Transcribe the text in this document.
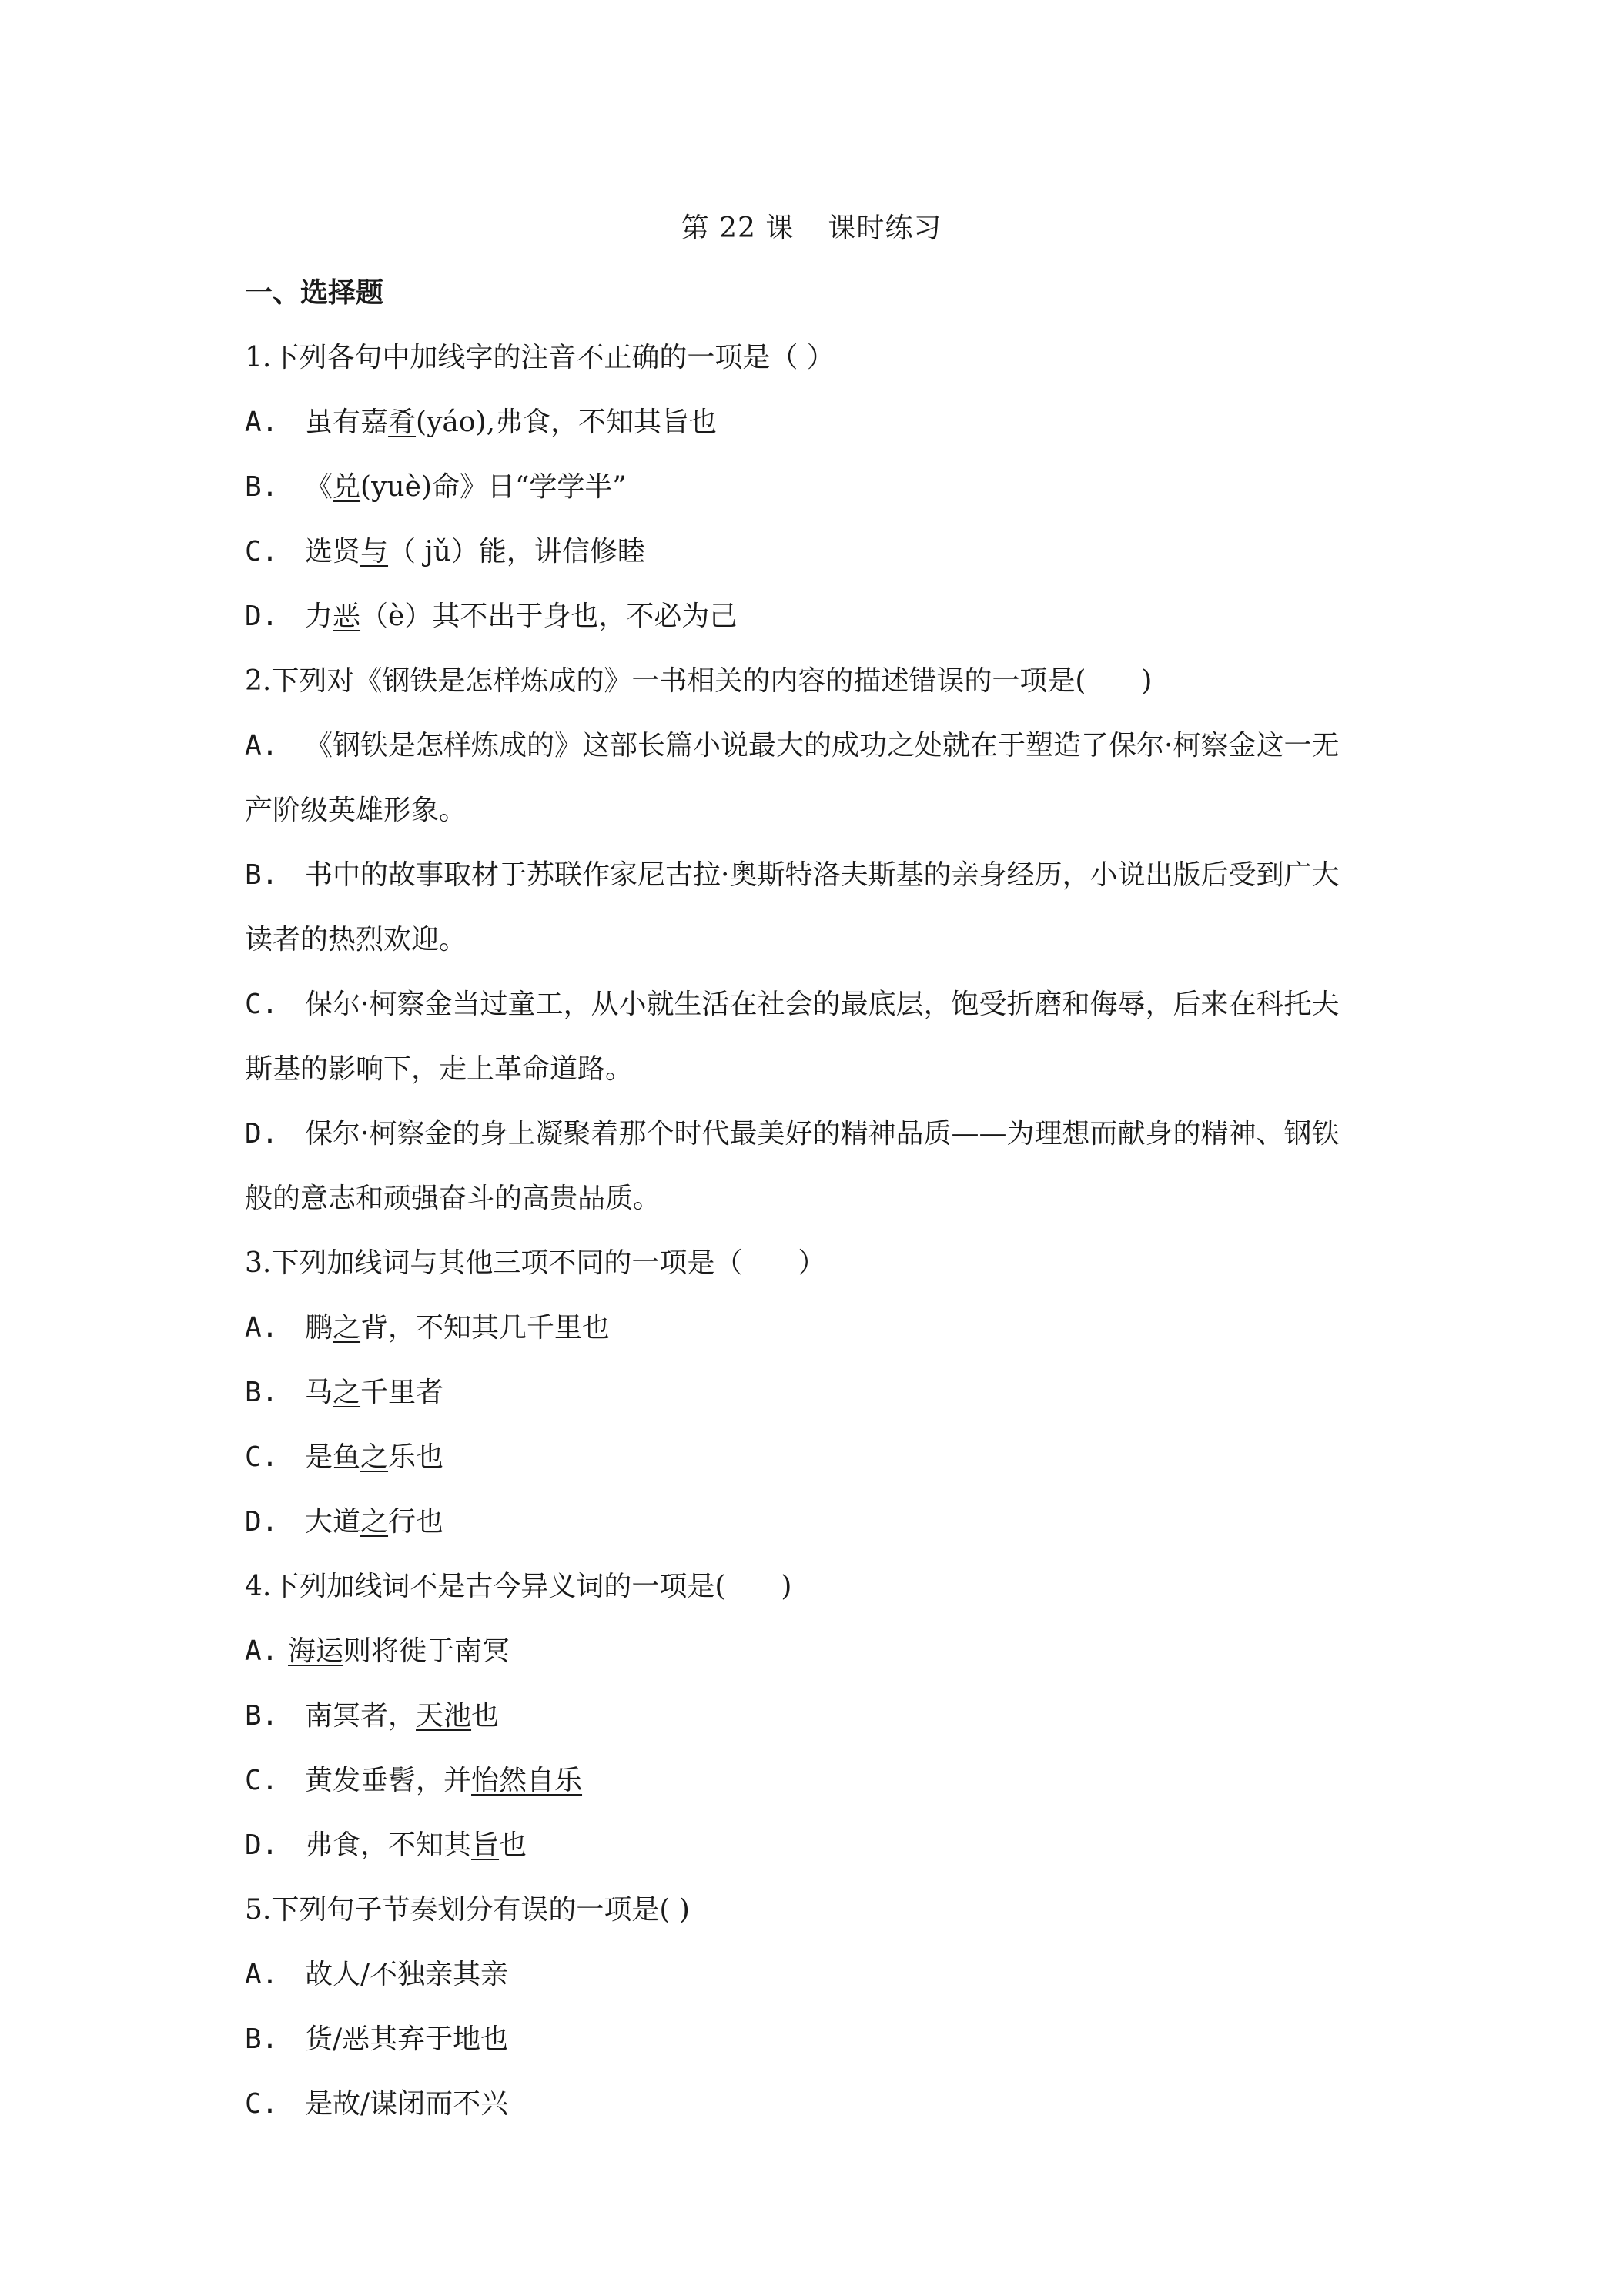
第 22 课 课时练习
一、选择题
1.下列各句中加线字的注音不正确的一项是（ ）
A. 虽有嘉肴(yáo),弗食，不知其旨也
B. 《兑(yuè)命》日“学学半”
C. 选贤与（ jǔ）能，讲信修睦
D. 力恶（è）其不出于身也，不必为己
2.下列对《钢铁是怎样炼成的》一书相关的内容的描述错误的一项是(　　)
A. 《钢铁是怎样炼成的》这部长篇小说最大的成功之处就在于塑造了保尔·柯察金这一无
产阶级英雄形象。
B. 书中的故事取材于苏联作家尼古拉·奥斯特洛夫斯基的亲身经历，小说出版后受到广大
读者的热烈欢迎。
C. 保尔·柯察金当过童工，从小就生活在社会的最底层，饱受折磨和侮辱，后来在科托夫
斯基的影响下，走上革命道路。
D. 保尔·柯察金的身上凝聚着那个时代最美好的精神品质——为理想而献身的精神、钢铁
般的意志和顽强奋斗的高贵品质。
3.下列加线词与其他三项不同的一项是（　　）
A. 鹏之背，不知其几千里也
B. 马之千里者
C. 是鱼之乐也
D. 大道之行也
4.下列加线词不是古今异义词的一项是(　　)
A. 海运则将徙于南冥
B. 南冥者，天池也
C. 黄发垂髫，并怡然自乐
D. 弗食，不知其旨也
5.下列句子节奏划分有误的一项是( )
A. 故人/不独亲其亲
B. 货/恶其弃于地也
C. 是故/谋闭而不兴
